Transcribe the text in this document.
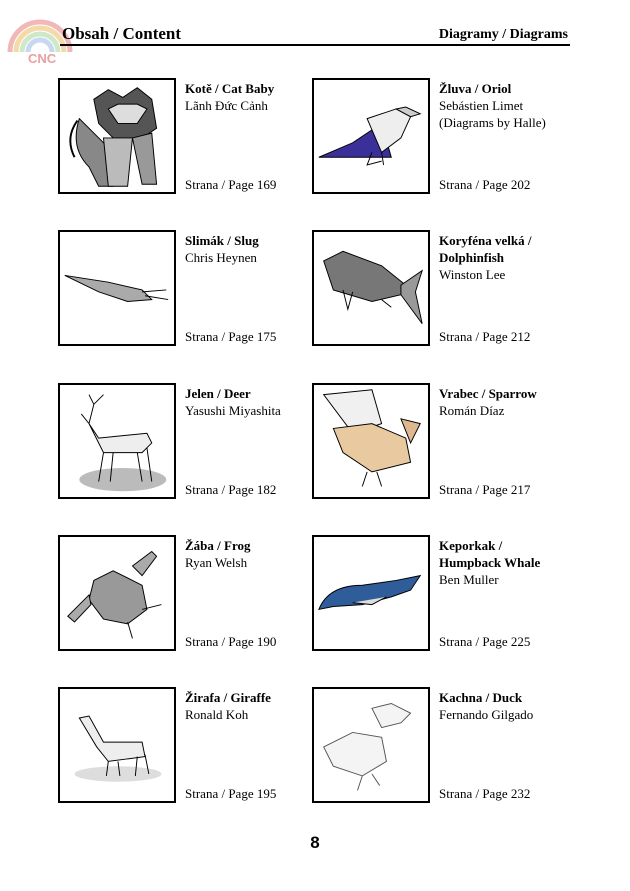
CNC
Obsah / Content	Diagramy / Diagrams
Kotě / Cat Baby
Lãnh Đức Cảnh
Strana / Page 169
Žluva / Oriol
Sebástien Limet
(Diagrams by Halle)
Strana / Page 202
Slimák / Slug
Chris Heynen
Strana / Page 175
Koryféna velká /
Dolphinfish
Winston Lee
Strana / Page 212
Jelen / Deer
Yasushi Miyashita
Strana / Page 182
Vrabec / Sparrow
Román Díaz
Strana / Page 217
Žába / Frog
Ryan Welsh
Strana / Page 190
Keporkak /
Humpback Whale
Ben Muller
Strana / Page 225
Žirafa / Giraffe
Ronald Koh
Strana / Page 195
Kachna / Duck
Fernando Gilgado
Strana / Page 232
8
